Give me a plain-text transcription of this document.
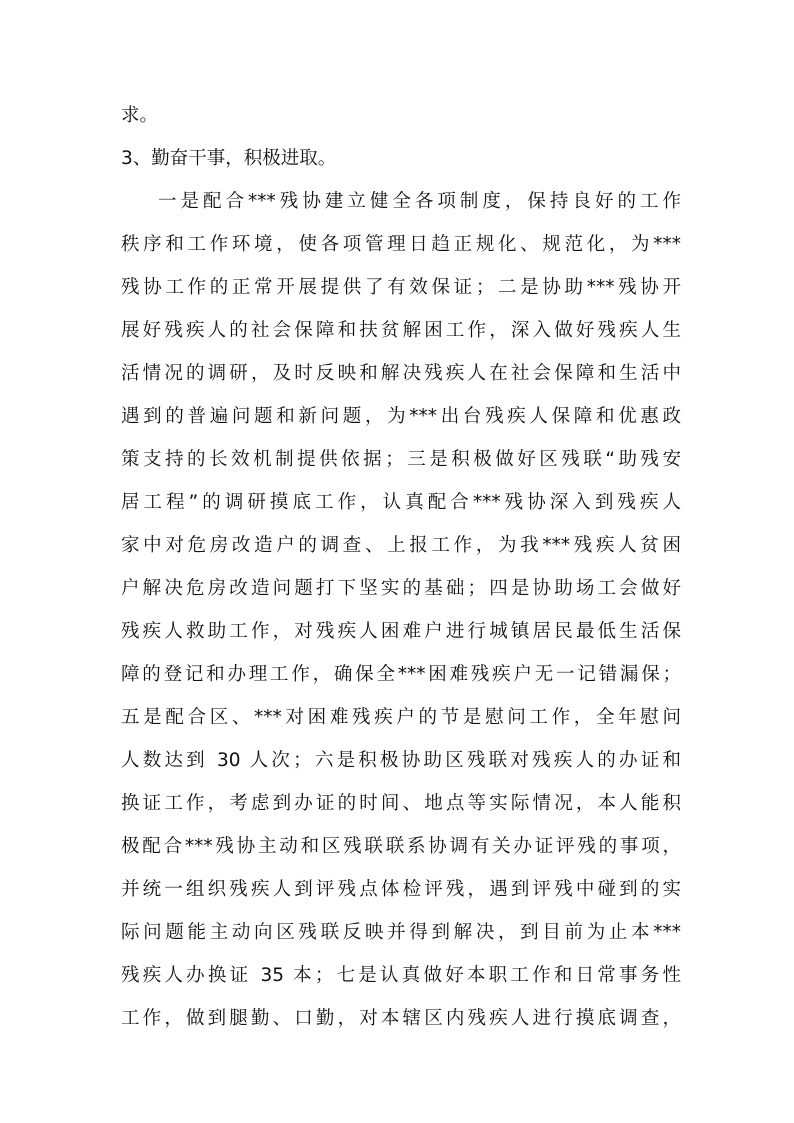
求。
3、勤奋干事，积极进取。
一是配合***残协建立健全各项制度，保持良好的工作
秩序和工作环境，使各项管理日趋正规化、规范化，为***
残协工作的正常开展提供了有效保证；二是协助***残协开
展好残疾人的社会保障和扶贫解困工作，深入做好残疾人生
活情况的调研，及时反映和解决残疾人在社会保障和生活中
遇到的普遍问题和新问题，为***出台残疾人保障和优惠政
策支持的长效机制提供依据；三是积极做好区残联“助残安
居工程”的调研摸底工作，认真配合***残协深入到残疾人
家中对危房改造户的调查、上报工作，为我***残疾人贫困
户解决危房改造问题打下坚实的基础；四是协助场工会做好
残疾人救助工作，对残疾人困难户进行城镇居民最低生活保
障的登记和办理工作，确保全***困难残疾户无一记错漏保；
五是配合区、***对困难残疾户的节是慰问工作，全年慰问
人数达到 30 人次；六是积极协助区残联对残疾人的办证和
换证工作，考虑到办证的时间、地点等实际情况，本人能积
极配合***残协主动和区残联联系协调有关办证评残的事项，
并统一组织残疾人到评残点体检评残，遇到评残中碰到的实
际问题能主动向区残联反映并得到解决，到目前为止本***
残疾人办换证 35 本；七是认真做好本职工作和日常事务性
工作，做到腿勤、口勤，对本辖区内残疾人进行摸底调查，
